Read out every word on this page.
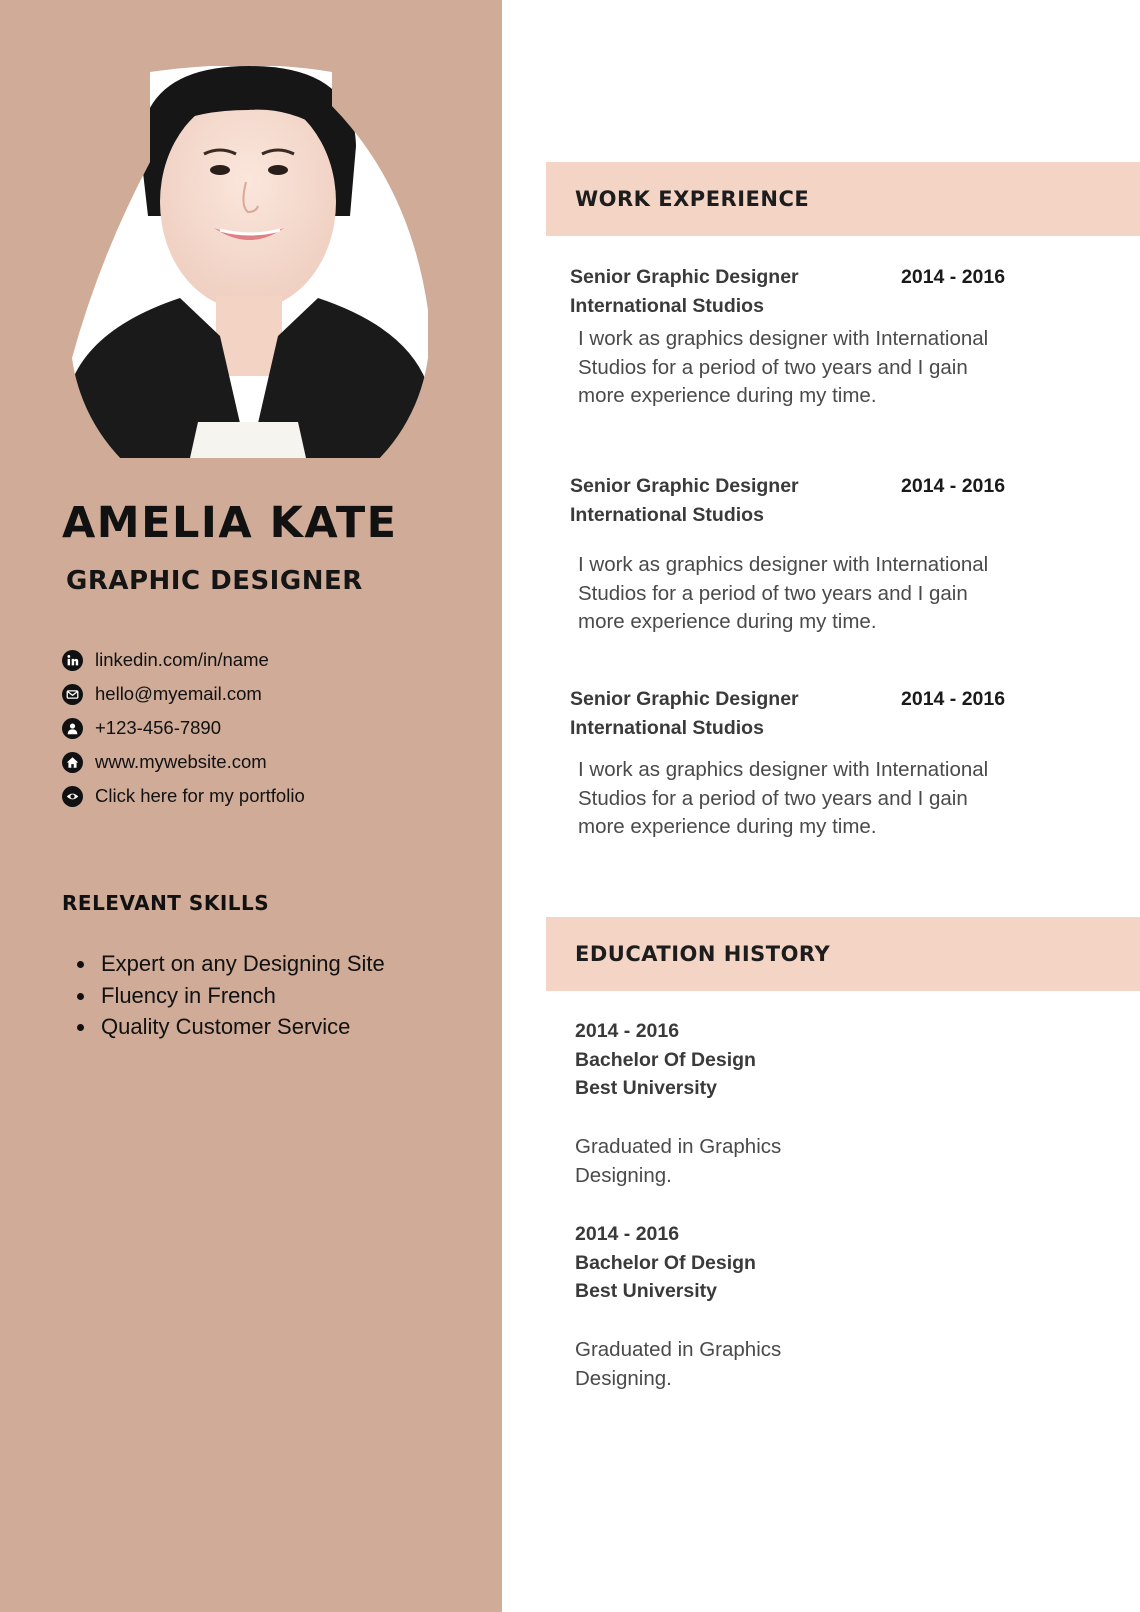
AMELIA KATE
GRAPHIC DESIGNER
linkedin.com/in/name
hello@myemail.com
+123-456-7890
www.mywebsite.com
Click here for my portfolio
RELEVANT SKILLS
Expert on any Designing Site
Fluency in French
Quality Customer Service
WORK EXPERIENCE

Senior Graphic Designer	2014 - 2016

International Studios

I work as graphics designer with International Studios for a period of two years and I gain more experience during my time.

Senior Graphic Designer	2014 - 2016

International Studios

I work as graphics designer with International Studios for a period of two years and I gain more experience during my time.

Senior Graphic Designer	2014 - 2016

International Studios

I work as graphics designer with International Studios for a period of two years and I gain more experience during my time.

EDUCATION HISTORY

2014 - 2016

Bachelor Of Design

Best University

Graduated in Graphics Designing.

2014 - 2016

Bachelor Of Design

Best University

Graduated in Graphics Designing.
